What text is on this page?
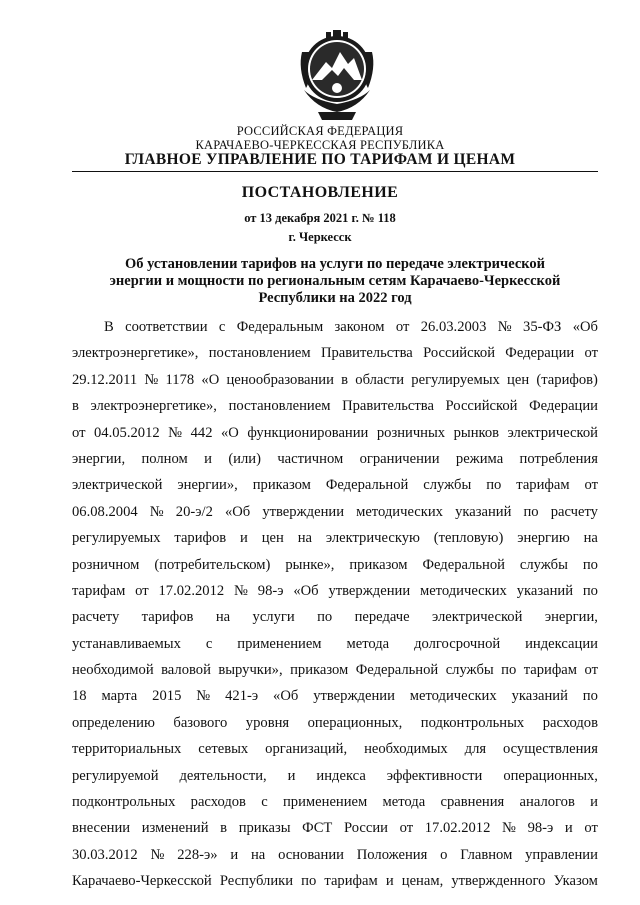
РОССИЙСКАЯ ФЕДЕРАЦИЯ
КАРАЧАЕВО-ЧЕРКЕССКАЯ РЕСПУБЛИКА
ГЛАВНОЕ УПРАВЛЕНИЕ ПО ТАРИФАМ И ЦЕНАМ
ПОСТАНОВЛЕНИЕ
от 13 декабря 2021 г. № 118
г. Черкесск
Об установлении тарифов на услуги по передаче электрической
энергии и мощности по региональным сетям Карачаево-Черкесской
Республики на 2022 год
В соответствии с Федеральным законом от 26.03.2003 № 35-ФЗ «Об
электроэнергетике», постановлением Правительства Российской Федерации от
29.12.2011 № 1178 «О ценообразовании в области регулируемых цен (тарифов)
в электроэнергетике», постановлением Правительства Российской Федерации
от 04.05.2012 № 442 «О функционировании розничных рынков электрической
энергии, полном и (или) частичном ограничении режима потребления
электрической энергии», приказом Федеральной службы по тарифам от
06.08.2004 № 20-э/2 «Об утверждении методических указаний по расчету
регулируемых тарифов и цен на электрическую (тепловую) энергию на
розничном (потребительском) рынке», приказом Федеральной службы по
тарифам от 17.02.2012 № 98-э «Об утверждении методических указаний по
расчету тарифов на услуги по передаче электрической энергии,
устанавливаемых с применением метода долгосрочной индексации
необходимой валовой выручки», приказом Федеральной службы по тарифам от
18 марта 2015 № 421-э «Об утверждении методических указаний по
определению базового уровня операционных, подконтрольных расходов
территориальных сетевых организаций, необходимых для осуществления
регулируемой деятельности, и индекса эффективности операционных,
подконтрольных расходов с применением метода сравнения аналогов и
внесении изменений в приказы ФСТ России от 17.02.2012 № 98-э и от
30.03.2012 № 228-э» и на основании Положения о Главном управлении
Карачаево-Черкесской Республики по тарифам и ценам, утвержденного Указом
